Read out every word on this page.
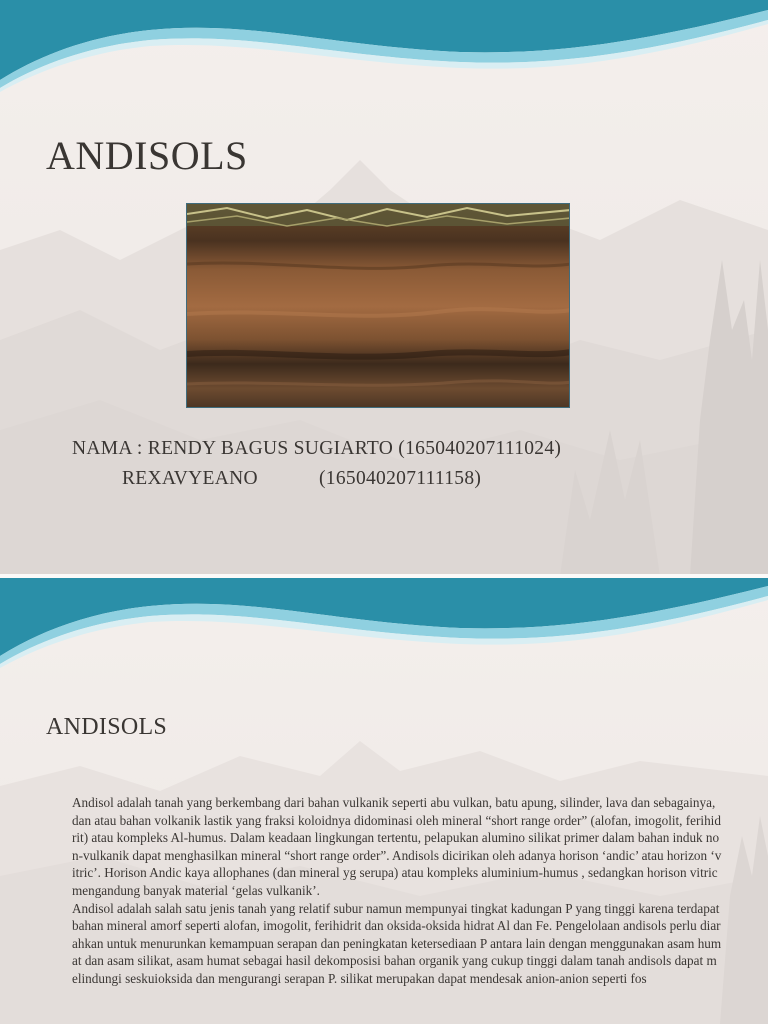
ANDISOLS
NAMA : RENDY BAGUS SUGIARTO (165040207111024)
REXAVYEANO	(165040207111158)
ANDISOLS

Andisol adalah tanah yang berkembang dari bahan vulkanik seperti abu vulkan, batu apung, silinder, lava dan sebagainya, dan atau bahan volkanik lastik yang fraksi koloidnya didominasi oleh mineral “short range order” (alofan, imogolit, ferihidrit) atau kompleks Al-humus. Dalam keadaan lingkungan tertentu, pelapukan alumino silikat primer dalam bahan induk non-vulkanik dapat menghasilkan mineral “short range order”. Andisols dicirikan oleh adanya horison ‘andic’ atau horizon ‘vitric’. Horison Andic kaya allophanes (dan mineral yg serupa) atau kompleks aluminium-humus , sedangkan horison vitric mengandung banyak material ‘gelas vulkanik’.

Andisol adalah salah satu jenis tanah yang relatif subur namun mempunyai tingkat kadungan P yang tinggi karena terdapat bahan mineral amorf seperti alofan, imogolit, ferihidrit dan oksida-oksida hidrat Al dan Fe. Pengelolaan andisols perlu diarahkan untuk menurunkan kemampuan serapan dan peningkatan ketersediaan P antara lain dengan menggunakan asam humat dan asam silikat, asam humat sebagai hasil dekomposisi bahan organik yang cukup tinggi dalam tanah andisols dapat melindungi seskuioksida dan mengurangi serapan P. silikat merupakan dapat mendesak anion-anion seperti fos
